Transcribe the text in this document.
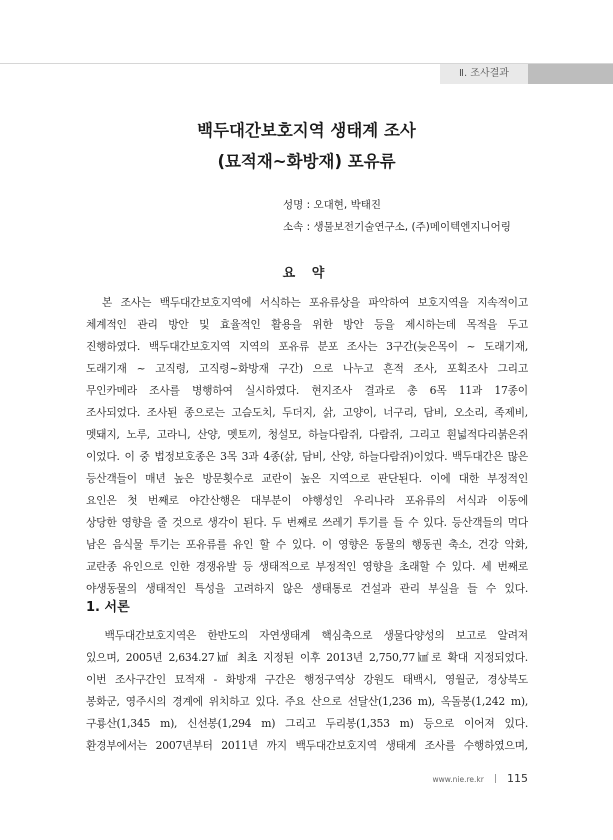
Ⅱ. 조사결과
백두대간보호지역 생태계 조사
(묘적재~화방재) 포유류
성명 : 오대현, 박태진
소속 : 생물보전기술연구소, (주)메이텍엔지니어링
요 약
　본 조사는 백두대간보호지역에 서식하는 포유류상을 파악하여 보호지역을 지속적이고
체계적인 관리 방안 및 효율적인 활용을 위한 방안 등을 제시하는데 목적을 두고
진행하였다. 백두대간보호지역 지역의 포유류 분포 조사는 3구간(늦은목이 ~ 도래기재,
도래기재 ~ 고직령, 고직령~화방재 구간) 으로 나누고 흔적 조사, 포획조사 그리고
무인카메라 조사를 병행하여 실시하였다. 현지조사 결과로 총 6목 11과 17종이
조사되었다. 조사된 종으로는 고슴도치, 두더지, 삵, 고양이, 너구리, 담비, 오소리, 족제비,
멧돼지, 노루, 고라니, 산양, 멧토끼, 청설모, 하늘다람쥐, 다람쥐, 그리고 흰넓적다리붉은쥐
이었다. 이 중 법정보호종은 3목 3과 4종(삵, 담비, 산양, 하늘다람쥐)이었다. 백두대간은 많은
등산객들이 매년 높은 방문횟수로 교란이 높은 지역으로 판단된다. 이에 대한 부정적인
요인은 첫 번째로 야간산행은 대부분이 야행성인 우리나라 포유류의 서식과 이동에
상당한 영향을 줄 것으로 생각이 된다. 두 번째로 쓰레기 투기를 들 수 있다. 등산객들의 먹다
남은 음식물 투기는 포유류를 유인 할 수 있다. 이 영향은 동물의 행동권 축소, 건강 악화,
교란종 유인으로 인한 경쟁유발 등 생태적으로 부정적인 영향을 초래할 수 있다. 세 번째로
야생동물의 생태적인 특성을 고려하지 않은 생태통로 건설과 관리 부실을 들 수 있다.
1. 서론
　백두대간보호지역은 한반도의 자연생태계 핵심축으로 생물다양성의 보고로 알려져
있으며, 2005년 2,634.27㎢ 최초 지정된 이후 2013년 2,750,77㎢로 확대 지정되었다.
이번 조사구간인 묘적재 - 화방재 구간은 행정구역상 강원도 태백시, 영월군, 경상북도
봉화군, 영주시의 경계에 위치하고 있다. 주요 산으로 선달산(1,236 m), 옥돌봉(1,242 m),
구룡산(1,345 m), 신선봉(1,294 m) 그리고 두리봉(1,353 m) 등으로 이어져 있다.
환경부에서는 2007년부터 2011년 까지 백두대간보호지역 생태계 조사를 수행하였으며,
www.nie.re.kr 115
